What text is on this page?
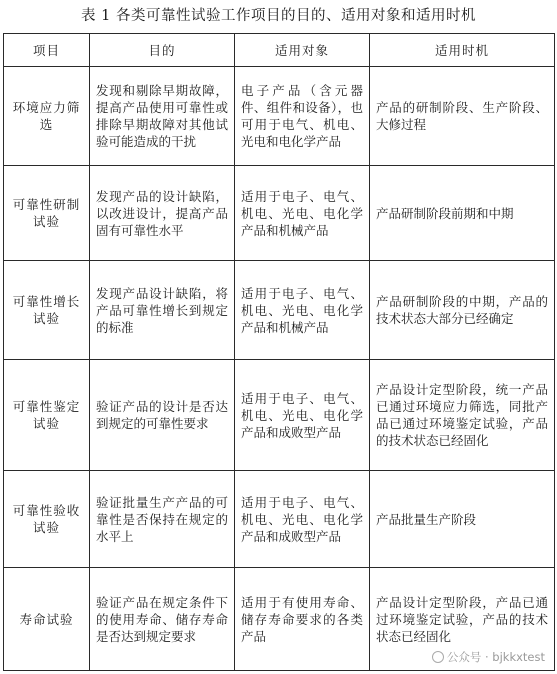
表 1 各类可靠性试验工作项目的目的、适用对象和适用时机
项目	目的	适用对象	适用时机
环境应力筛选	发现和剔除早期故障，提高产品使用可靠性或排除早期故障对其他试验可能造成的干扰	电子产品（含元器件、组件和设备），也可用于电气、机电、光电和电化学产品	产品的研制阶段、生产阶段、大修过程
可靠性研制试验	发现产品的设计缺陷，以改进设计，提高产品固有可靠性水平	适用于电子、电气、机电、光电、电化学产品和机械产品	产品研制阶段前期和中期
可靠性增长试验	发现产品设计缺陷，将产品可靠性增长到规定的标准	适用于电子、电气、机电、光电、电化学产品和机械产品	产品研制阶段的中期，产品的技术状态大部分已经确定
可靠性鉴定试验	验证产品的设计是否达到规定的可靠性要求	适用于电子、电气、机电、光电、电化学产品和成败型产品	产品设计定型阶段，统一产品已通过环境应力筛选，同批产品已通过环境鉴定试验，产品的技术状态已经固化
可靠性验收试验	验证批量生产产品的可靠性是否保持在规定的水平上	适用于电子、电气、机电、光电、电化学产品和成败型产品	产品批量生产阶段
寿命试验	验证产品在规定条件下的使用寿命、储存寿命是否达到规定要求	适用于有使用寿命、储存寿命要求的各类产品	产品设计定型阶段，产品已通过环境鉴定试验，产品的技术状态已经固化
公众号 · bjkkxtest
